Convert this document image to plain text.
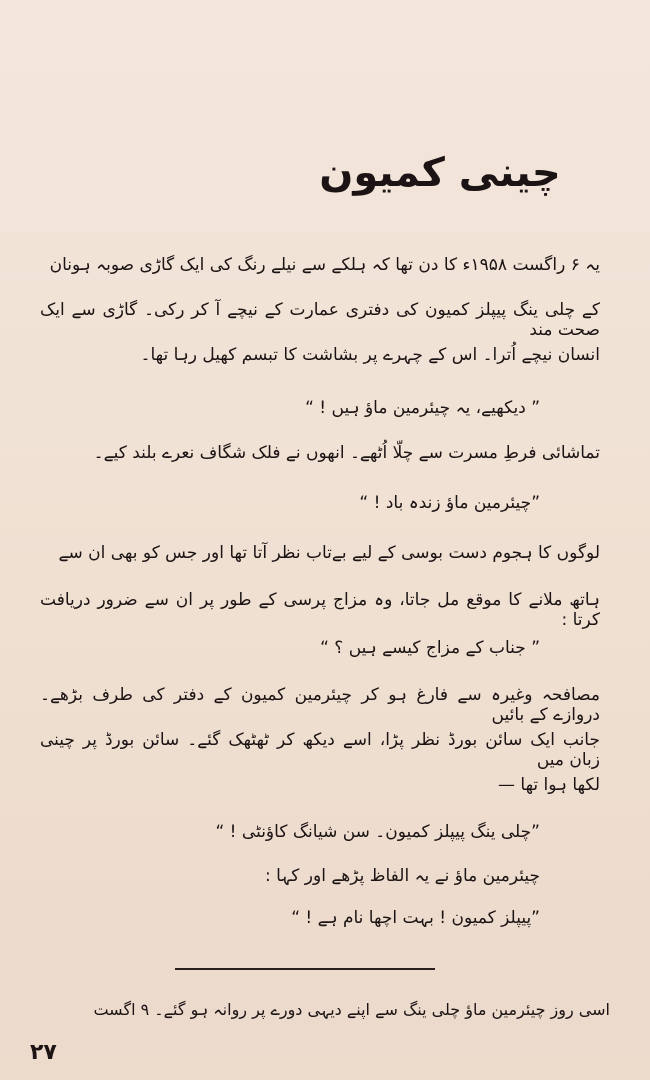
چینی کمیون
یہ ۶ راگست ۱۹۵۸ء کا دن تھا کہ ہلکے سے نیلے رنگ کی ایک گاڑی صوبہ ہونان
کے چلی ینگ پیپلز کمیون کی دفتری عمارت کے نیچے آ کر رکی۔ گاڑی سے ایک صحت مند
انسان نیچے اُترا۔ اس کے چہرے پر بشاشت کا تبسم کھیل رہا تھا۔
” دیکھیے، یہ چیئرمین ماؤ ہیں ! “
تماشائی فرطِ مسرت سے چلّا اُٹھے۔ انھوں نے فلک شگاف نعرے بلند کیے۔
”چیئرمین ماؤ زندہ باد ! “
لوگوں کا ہجوم دست بوسی کے لیے بےتاب نظر آتا تھا اور جس کو بھی ان سے
ہاتھ ملانے کا موقع مل جاتا، وہ مزاج پرسی کے طور پر ان سے ضرور دریافت کرتا :
” جناب کے مزاج کیسے ہیں ؟ “
مصافحہ وغیرہ سے فارغ ہو کر چیئرمین کمیون کے دفتر کی طرف بڑھے۔ دروازے کے بائیں
جانب ایک سائن بورڈ نظر پڑا، اسے دیکھ کر ٹھٹھک گئے۔ سائن بورڈ پر چینی زبان میں
لکھا ہوا تھا —
”چلی ینگ پیپلز کمیون۔ سن شیانگ کاؤنٹی ! “
چیئرمین ماؤ نے یہ الفاظ پڑھے اور کہا :
”پیپلز کمیون ! بہت اچھا نام ہے ! “
اسی روز چیئرمین ماؤ چلی ینگ سے اپنے دیہی دورے پر روانہ ہو گئے۔ ۹ اگست
۲۷
